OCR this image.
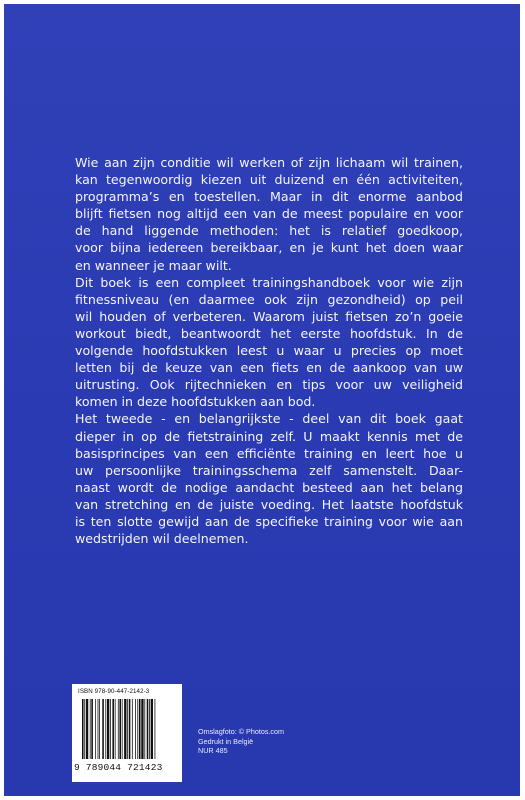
Wie aan zijn conditie wil werken of zijn lichaam wil trainen,
kan tegenwoordig kiezen uit duizend en één activiteiten,
programma’s en toestellen. Maar in dit enorme aanbod
blijft fietsen nog altijd een van de meest populaire en voor
de hand liggende methoden: het is relatief goedkoop,
voor bijna iedereen bereikbaar, en je kunt het doen waar
en wanneer je maar wilt.

Dit boek is een compleet trainingshandboek voor wie zijn
fitnessniveau (en daarmee ook zijn gezondheid) op peil
wil houden of verbeteren. Waarom juist fietsen zo’n goeie
workout biedt, beantwoordt het eerste hoofdstuk. In de
volgende hoofdstukken leest u waar u precies op moet
letten bij de keuze van een fiets en de aankoop van uw
uitrusting. Ook rijtechnieken en tips voor uw veiligheid
komen in deze hoofdstukken aan bod.

Het tweede - en belangrijkste - deel van dit boek gaat
dieper in op de fietstraining zelf. U maakt kennis met de
basisprincipes van een efficiënte training en leert hoe u
uw persoonlijke trainingsschema zelf samenstelt. Daar-
naast wordt de nodige aandacht besteed aan het belang
van stretching en de juiste voeding. Het laatste hoofdstuk
is ten slotte gewijd aan de specifieke training voor wie aan
wedstrijden wil deelnemen.

ISBN 978-90-447-2142-3
9 789044 721423
Omslagfoto: © Photos.com
Gedrukt in België
NUR 485
